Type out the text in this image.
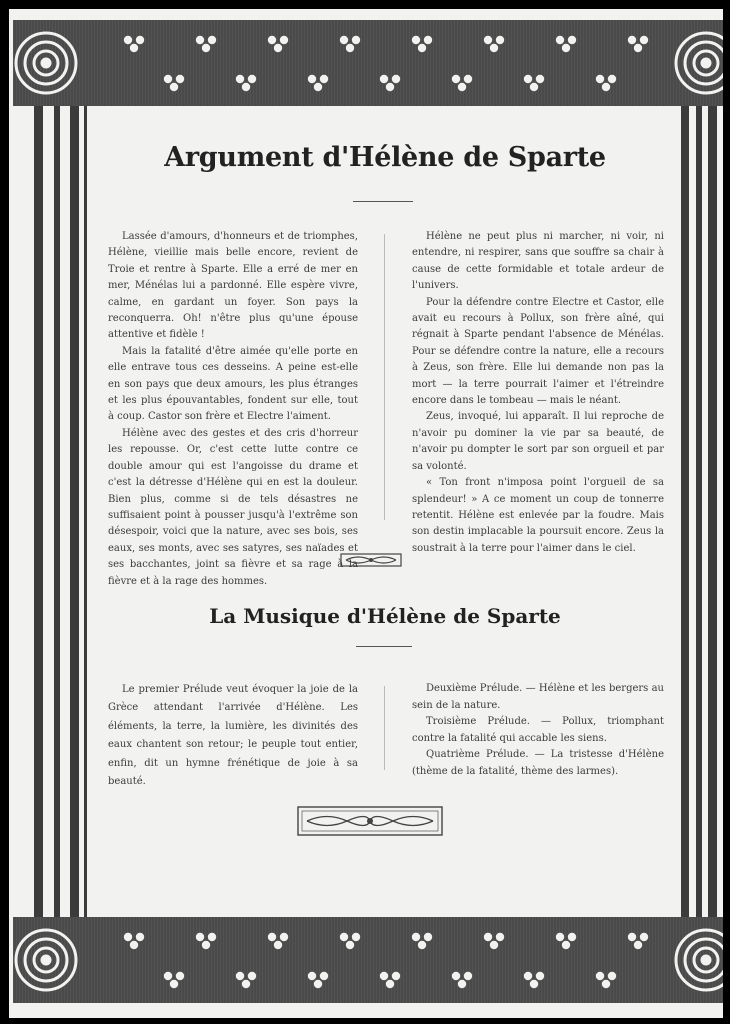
Argument d'Hélène de Sparte

Lassée d'amours, d'honneurs et de triomphes, Hélène, vieillie mais belle encore, revient de Troie et rentre à Sparte. Elle a erré de mer en mer, Ménélas lui a pardonné. Elle espère vivre, calme, en gardant un foyer. Son pays la reconquerra. Oh! n'être plus qu'une épouse attentive et fidèle !

Mais la fatalité d'être aimée qu'elle porte en elle entrave tous ces desseins. A peine est-elle en son pays que deux amours, les plus étranges et les plus épouvantables, fondent sur elle, tout à coup. Castor son frère et Electre l'aiment.

Hélène avec des gestes et des cris d'horreur les repousse. Or, c'est cette lutte contre ce double amour qui est l'angoisse du drame et c'est la détresse d'Hélène qui en est la douleur. Bien plus, comme si de tels désastres ne suffisaient point à pousser jusqu'à l'extrême son désespoir, voici que la nature, avec ses bois, ses eaux, ses monts, avec ses satyres, ses naïades et ses bacchantes, joint sa fièvre et sa rage à la fièvre et à la rage des hommes.

Hélène ne peut plus ni marcher, ni voir, ni entendre, ni respirer, sans que souffre sa chair à cause de cette formidable et totale ardeur de l'univers.

Pour la défendre contre Electre et Castor, elle avait eu recours à Pollux, son frère aîné, qui régnait à Sparte pendant l'absence de Ménélas. Pour se défendre contre la nature, elle a recours à Zeus, son frère. Elle lui demande non pas la mort — la terre pourrait l'aimer et l'étreindre encore dans le tombeau — mais le néant.

Zeus, invoqué, lui apparaît. Il lui reproche de n'avoir pu dominer la vie par sa beauté, de n'avoir pu dompter le sort par son orgueil et par sa volonté.

« Ton front n'imposa point l'orgueil de sa splendeur! » A ce moment un coup de tonnerre retentit. Hélène est enlevée par la foudre. Mais son destin implacable la poursuit encore. Zeus la soustrait à la terre pour l'aimer dans le ciel.

La Musique d'Hélène de Sparte

Le premier Prélude veut évoquer la joie de la Grèce attendant l'arrivée d'Hélène. Les éléments, la terre, la lumière, les divinités des eaux chantent son retour; le peuple tout entier, enfin, dit un hymne frénétique de joie à sa beauté.

Deuxième Prélude. — Hélène et les bergers au sein de la nature.

Troisième Prélude. — Pollux, triomphant contre la fatalité qui accable les siens.

Quatrième Prélude. — La tristesse d'Hélène (thème de la fatalité, thème des larmes).
